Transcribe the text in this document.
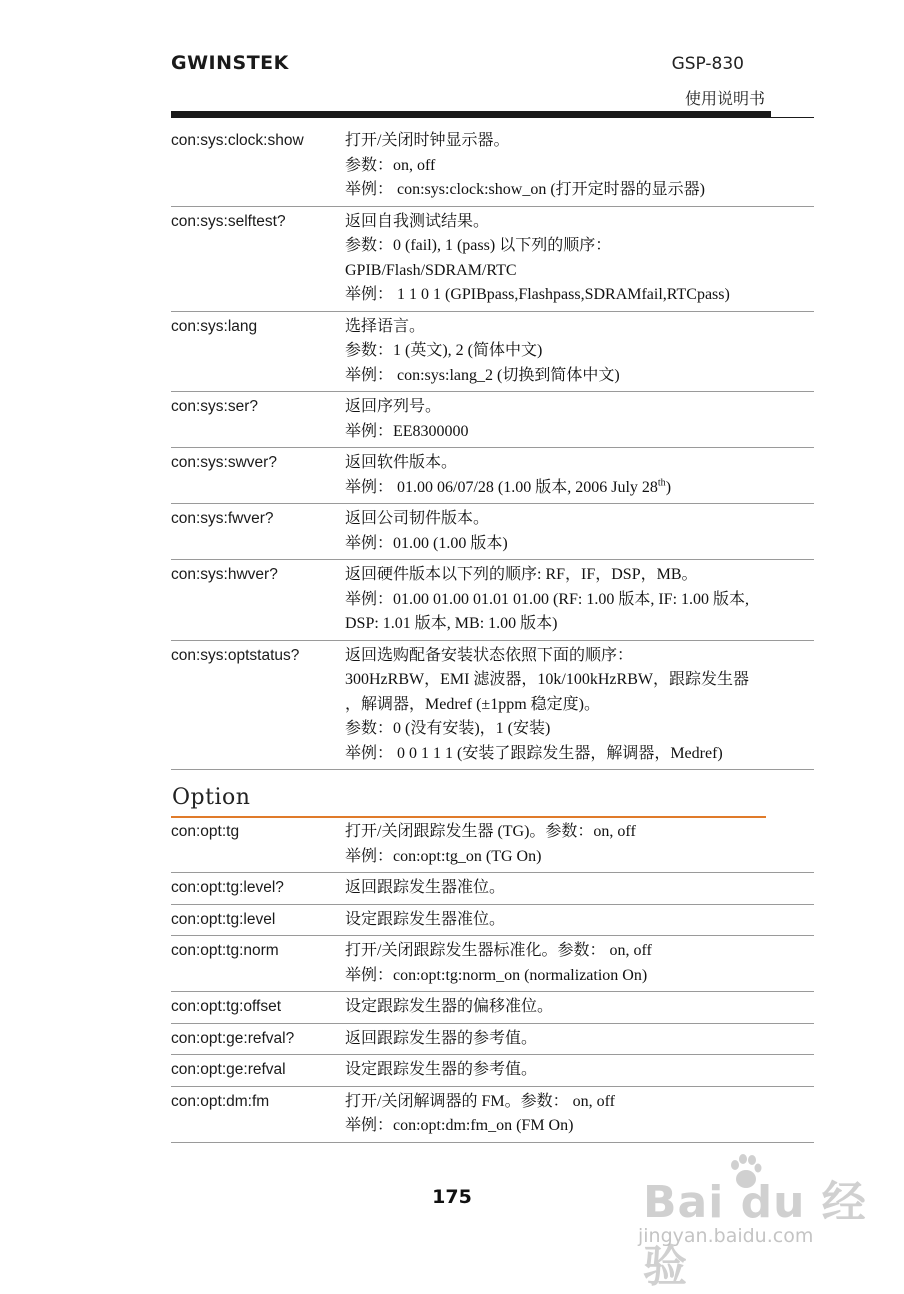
GWINSTEK	GSP-830
使用说明书
con:sys:clock:show	打开/关闭时钟显示器。
参数：on, off
举例： con:sys:clock:show_on (打开定时器的显示器)

con:sys:selftest?	返回自我测试结果。
参数：0 (fail), 1 (pass) 以下列的顺序：
GPIB/Flash/SDRAM/RTC
举例： 1 1 0 1 (GPIBpass,Flashpass,SDRAMfail,RTCpass)

con:sys:lang	选择语言。
参数：1 (英文), 2 (简体中文)
举例： con:sys:lang_2 (切换到简体中文)

con:sys:ser?	返回序列号。
举例：EE8300000

con:sys:swver?	返回软件版本。
举例： 01.00 06/07/28 (1.00 版本, 2006 July 28th)

con:sys:fwver?	返回公司韧件版本。
举例：01.00 (1.00 版本)

con:sys:hwver?	返回硬件版本以下列的顺序: RF，IF，DSP，MB。
举例：01.00 01.00 01.01 01.00 (RF: 1.00 版本, IF: 1.00 版本,
DSP: 1.01 版本, MB: 1.00 版本)

con:sys:optstatus?	返回选购配备安装状态依照下面的顺序：
300HzRBW，EMI 滤波器，10k/100kHzRBW，跟踪发生器
，解调器，Medref (±1ppm 稳定度)。
参数：0 (没有安装)，1 (安装)
举例： 0 0 1 1 1 (安装了跟踪发生器，解调器，Medref)
Option
con:opt:tg	打开/关闭跟踪发生器 (TG)。参数：on, off
举例：con:opt:tg_on (TG On)

con:opt:tg:level?	返回跟踪发生器准位。

con:opt:tg:level	设定跟踪发生器准位。

con:opt:tg:norm	打开/关闭跟踪发生器标准化。参数： on, off
举例：con:opt:tg:norm_on (normalization On)

con:opt:tg:offset	设定跟踪发生器的偏移准位。

con:opt:ge:refval?	返回跟踪发生器的参考值。

con:opt:ge:refval	设定跟踪发生器的参考值。

con:opt:dm:fm	打开/关闭解调器的 FM。参数： on, off
举例：con:opt:dm:fm_on (FM On)
175	Bai du 经验
jingyan.baidu.com
